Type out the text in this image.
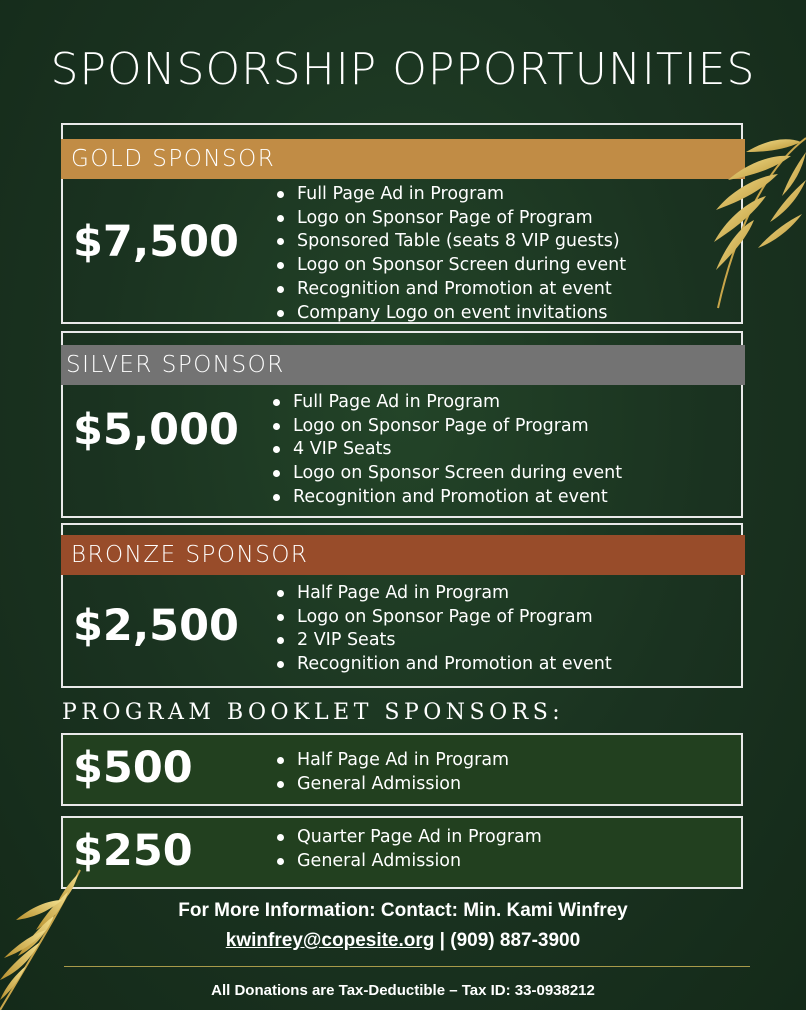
SPONSORSHIP OPPORTUNITIES
GOLD SPONSOR
$7,500
Full Page Ad in Program
Logo on Sponsor Page of Program
Sponsored Table (seats 8 VIP guests)
Logo on Sponsor Screen during event
Recognition and Promotion at event
Company Logo on event invitations
SILVER SPONSOR
$5,000
Full Page Ad in Program
Logo on Sponsor Page of Program
4 VIP Seats
Logo on Sponsor Screen during event
Recognition and Promotion at event
BRONZE SPONSOR
$2,500
Half Page Ad in Program
Logo on Sponsor Page of Program
2 VIP Seats
Recognition and Promotion at event
PROGRAM BOOKLET SPONSORS:
$500	Half Page Ad in Program
General Admission
$250	Quarter Page Ad in Program
General Admission
For More Information: Contact: Min. Kami Winfrey
kwinfrey@copesite.org | (909) 887-3900
All Donations are Tax-Deductible – Tax ID: 33-0938212
